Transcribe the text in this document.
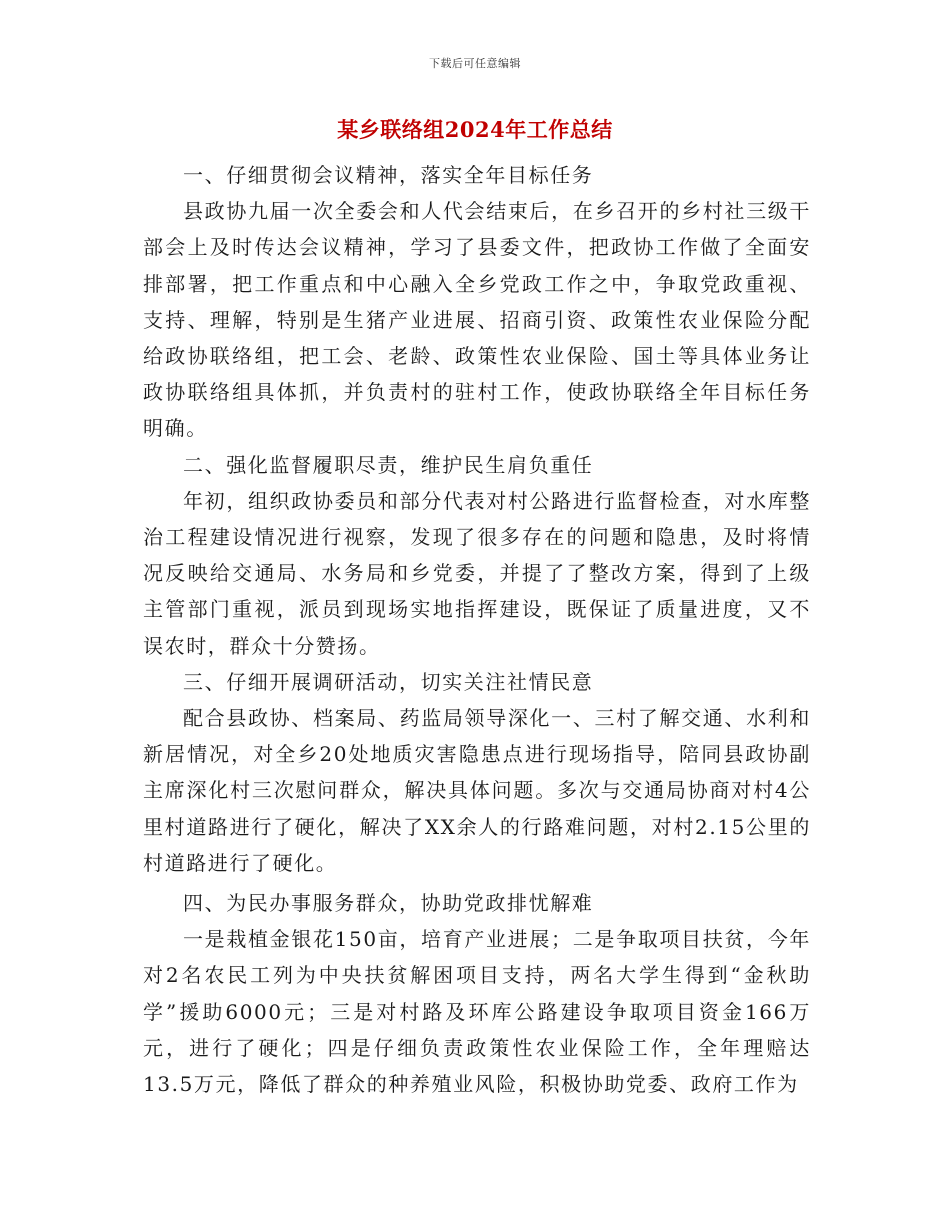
下载后可任意编辑
某乡联络组2024年工作总结

一、仔细贯彻会议精神，落实全年目标任务

县政协九届一次全委会和人代会结束后，在乡召开的乡村社三级干部会上及时传达会议精神，学习了县委文件，把政协工作做了全面安排部署，把工作重点和中心融入全乡党政工作之中，争取党政重视、支持、理解，特别是生猪产业进展、招商引资、政策性农业保险分配给政协联络组，把工会、老龄、政策性农业保险、国土等具体业务让政协联络组具体抓，并负责村的驻村工作，使政协联络全年目标任务明确。

二、强化监督履职尽责，维护民生肩负重任

年初，组织政协委员和部分代表对村公路进行监督检查，对水库整治工程建设情况进行视察，发现了很多存在的问题和隐患，及时将情况反映给交通局、水务局和乡党委，并提了了整改方案，得到了上级主管部门重视，派员到现场实地指挥建设，既保证了质量进度，又不误农时，群众十分赞扬。

三、仔细开展调研活动，切实关注社情民意

配合县政协、档案局、药监局领导深化一、三村了解交通、水利和新居情况，对全乡20处地质灾害隐患点进行现场指导，陪同县政协副主席深化村三次慰问群众，解决具体问题。多次与交通局协商对村4公里村道路进行了硬化，解决了XX余人的行路难问题，对村2.15公里的村道路进行了硬化。

四、为民办事服务群众，协助党政排忧解难

一是栽植金银花150亩，培育产业进展；二是争取项目扶贫，今年对2名农民工列为中央扶贫解困项目支持，两名大学生得到“金秋助学”援助6000元；三是对村路及环库公路建设争取项目资金166万元，进行了硬化；四是仔细负责政策性农业保险工作，全年理赔达13.5万元，降低了群众的种养殖业风险，积极协助党委、政府工作为
